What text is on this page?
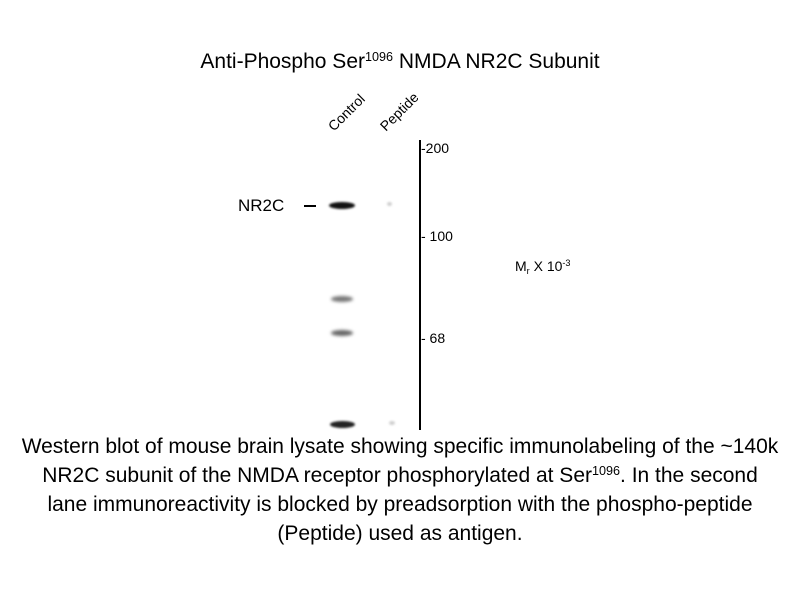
Anti-Phospho Ser$^{1096}$ NMDA NR2C Subunit
Control Peptide
NR2C
-200
- 100
- 68
$M_r$ X $10^{-3}$
Western blot of mouse brain lysate showing specific immunolabeling of the ~140k NR2C subunit of the NMDA receptor phosphorylated at Ser$^{1096}$. In the second lane immunoreactivity is blocked by preadsorption with the phospho-peptide (Peptide) used as antigen.
